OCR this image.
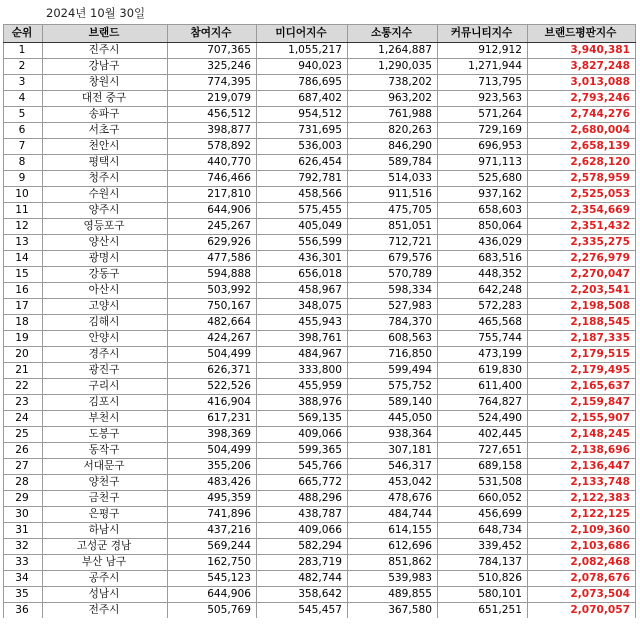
2024년 10월 30일
순위	브랜드	참여지수	미디어지수	소통지수	커뮤니티지수	브랜드평판지수
1	진주시	707,365	1,055,217	1,264,887	912,912	3,940,381
2	강남구	325,246	940,023	1,290,035	1,271,944	3,827,248
3	창원시	774,395	786,695	738,202	713,795	3,013,088
4	대전 중구	219,079	687,402	963,202	923,563	2,793,246
5	송파구	456,512	954,512	761,988	571,264	2,744,276
6	서초구	398,877	731,695	820,263	729,169	2,680,004
7	천안시	578,892	536,003	846,290	696,953	2,658,139
8	평택시	440,770	626,454	589,784	971,113	2,628,120
9	청주시	746,466	792,781	514,033	525,680	2,578,959
10	수원시	217,810	458,566	911,516	937,162	2,525,053
11	양주시	644,906	575,455	475,705	658,603	2,354,669
12	영등포구	245,267	405,049	851,051	850,064	2,351,432
13	양산시	629,926	556,599	712,721	436,029	2,335,275
14	광명시	477,586	436,301	679,576	683,516	2,276,979
15	강동구	594,888	656,018	570,789	448,352	2,270,047
16	아산시	503,992	458,967	598,334	642,248	2,203,541
17	고양시	750,167	348,075	527,983	572,283	2,198,508
18	김해시	482,664	455,943	784,370	465,568	2,188,545
19	안양시	424,267	398,761	608,563	755,744	2,187,335
20	경주시	504,499	484,967	716,850	473,199	2,179,515
21	광진구	626,371	333,800	599,494	619,830	2,179,495
22	구리시	522,526	455,959	575,752	611,400	2,165,637
23	김포시	416,904	388,976	589,140	764,827	2,159,847
24	부천시	617,231	569,135	445,050	524,490	2,155,907
25	도봉구	398,369	409,066	938,364	402,445	2,148,245
26	동작구	504,499	599,365	307,181	727,651	2,138,696
27	서대문구	355,206	545,766	546,317	689,158	2,136,447
28	양천구	483,426	665,772	453,042	531,508	2,133,748
29	금천구	495,359	488,296	478,676	660,052	2,122,383
30	은평구	741,896	438,787	484,744	456,699	2,122,125
31	하남시	437,216	409,066	614,155	648,734	2,109,360
32	고성군 경남	569,244	582,294	612,696	339,452	2,103,686
33	부산 남구	162,750	283,719	851,862	784,137	2,082,468
34	공주시	545,123	482,744	539,983	510,826	2,078,676
35	성남시	644,906	358,642	489,855	580,101	2,073,504
36	전주시	505,769	545,457	367,580	651,251	2,070,057
